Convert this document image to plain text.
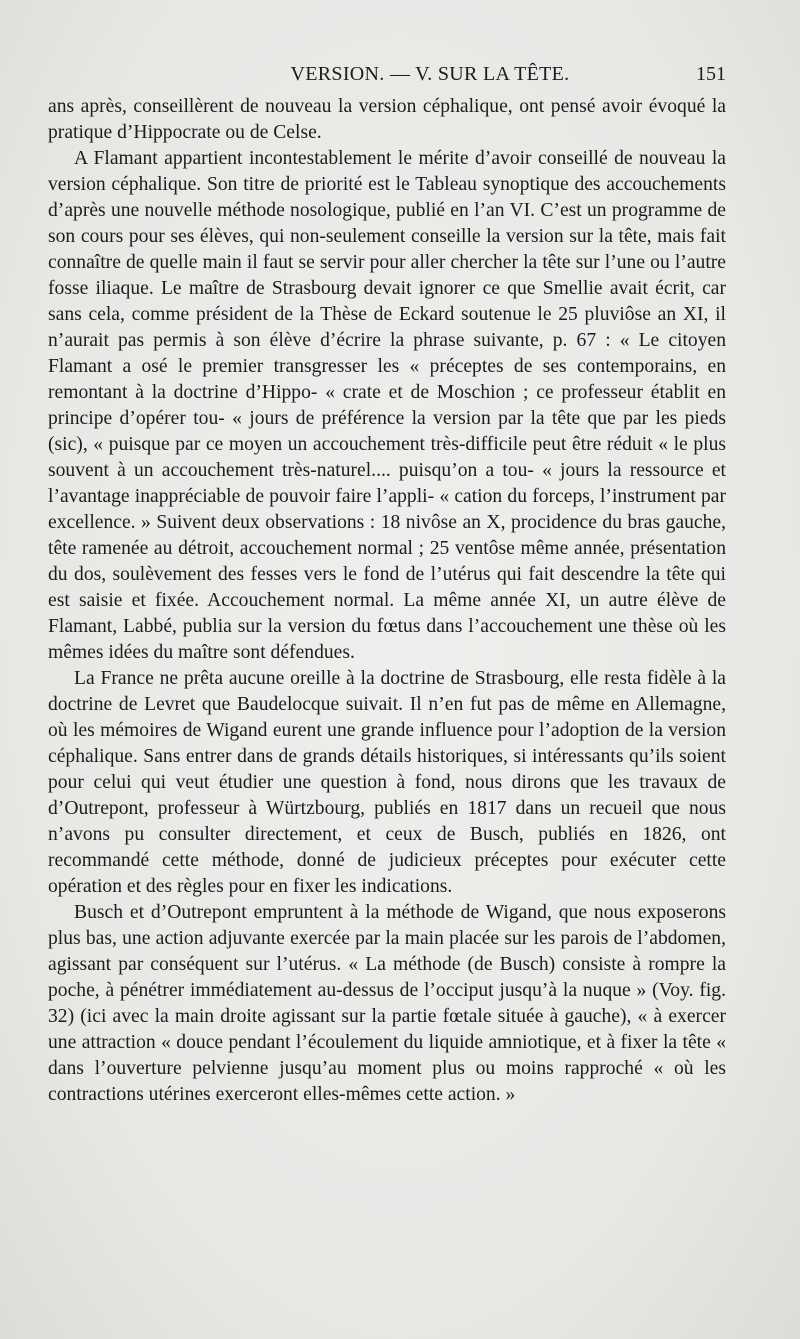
VERSION. — V. SUR LA TÊTE.	151

ans après, conseillèrent de nouveau la version céphalique, ont pensé avoir évoqué la pratique d’Hippocrate ou de Celse.

A Flamant appartient incontestablement le mérite d’avoir conseillé de nouveau la version céphalique. Son titre de priorité est le Tableau synoptique des accouchements d’après une nouvelle méthode nosologique, publié en l’an VI. C’est un programme de son cours pour ses élèves, qui non-seulement conseille la version sur la tête, mais fait connaître de quelle main il faut se servir pour aller chercher la tête sur l’une ou l’autre fosse iliaque. Le maître de Strasbourg devait ignorer ce que Smellie avait écrit, car sans cela, comme président de la Thèse de Eckard soutenue le 25 pluviôse an XI, il n’aurait pas permis à son élève d’écrire la phrase suivante, p. 67 : « Le citoyen Flamant a osé le premier transgresser les « préceptes de ses contemporains, en remontant à la doctrine d’Hippo- « crate et de Moschion ; ce professeur établit en principe d’opérer tou- « jours de préférence la version par la tête que par les pieds (sic), « puisque par ce moyen un accouchement très-difficile peut être réduit « le plus souvent à un accouchement très-naturel.... puisqu’on a tou- « jours la ressource et l’avantage inappréciable de pouvoir faire l’appli- « cation du forceps, l’instrument par excellence. » Suivent deux observations : 18 nivôse an X, procidence du bras gauche, tête ramenée au détroit, accouchement normal ; 25 ventôse même année, présentation du dos, soulèvement des fesses vers le fond de l’utérus qui fait descendre la tête qui est saisie et fixée. Accouchement normal. La même année XI, un autre élève de Flamant, Labbé, publia sur la version du fœtus dans l’accouchement une thèse où les mêmes idées du maître sont défendues.

La France ne prêta aucune oreille à la doctrine de Strasbourg, elle resta fidèle à la doctrine de Levret que Baudelocque suivait. Il n’en fut pas de même en Allemagne, où les mémoires de Wigand eurent une grande influence pour l’adoption de la version céphalique. Sans entrer dans de grands détails historiques, si intéressants qu’ils soient pour celui qui veut étudier une question à fond, nous dirons que les travaux de d’Outrepont, professeur à Würtzbourg, publiés en 1817 dans un recueil que nous n’avons pu consulter directement, et ceux de Busch, publiés en 1826, ont recommandé cette méthode, donné de judicieux préceptes pour exécuter cette opération et des règles pour en fixer les indications.

Busch et d’Outrepont empruntent à la méthode de Wigand, que nous exposerons plus bas, une action adjuvante exercée par la main placée sur les parois de l’abdomen, agissant par conséquent sur l’utérus. « La méthode (de Busch) consiste à rompre la poche, à pénétrer immédiatement au-dessus de l’occiput jusqu’à la nuque » (Voy. fig. 32) (ici avec la main droite agissant sur la partie fœtale située à gauche), « à exercer une attraction « douce pendant l’écoulement du liquide amniotique, et à fixer la tête « dans l’ouverture pelvienne jusqu’au moment plus ou moins rapproché « où les contractions utérines exerceront elles-mêmes cette action. »
